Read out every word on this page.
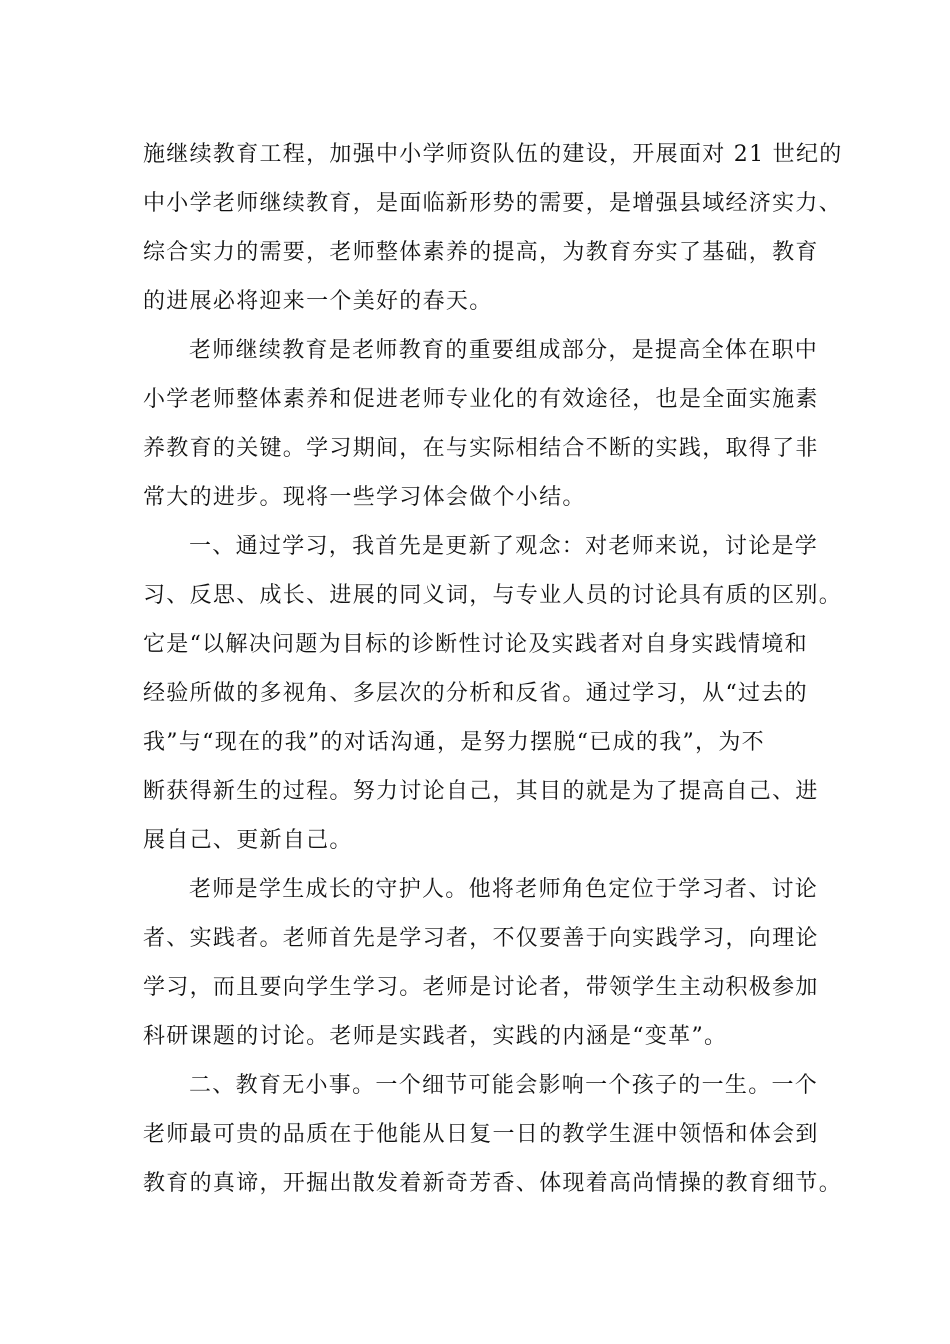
施继续教育工程，加强中小学师资队伍的建设，开展面对 21 世纪的
中小学老师继续教育，是面临新形势的需要，是增强县域经济实力、
综合实力的需要，老师整体素养的提高，为教育夯实了基础，教育
的进展必将迎来一个美好的春天。
老师继续教育是老师教育的重要组成部分，是提高全体在职中
小学老师整体素养和促进老师专业化的有效途径，也是全面实施素
养教育的关键。学习期间，在与实际相结合不断的实践，取得了非
常大的进步。现将一些学习体会做个小结。
一、通过学习，我首先是更新了观念：对老师来说，讨论是学
习、反思、成长、进展的同义词，与专业人员的讨论具有质的区别。
它是“以解决问题为目标的诊断性讨论及实践者对自身实践情境和
经验所做的多视角、多层次的分析和反省。通过学习，从“过去的
我”与“现在的我”的对话沟通，是努力摆脱“已成的我”，为不
断获得新生的过程。努力讨论自己，其目的就是为了提高自己、进
展自己、更新自己。
老师是学生成长的守护人。他将老师角色定位于学习者、讨论
者、实践者。老师首先是学习者，不仅要善于向实践学习，向理论
学习，而且要向学生学习。老师是讨论者，带领学生主动积极参加
科研课题的讨论。老师是实践者，实践的内涵是“变革”。
二、教育无小事。一个细节可能会影响一个孩子的一生。一个
老师最可贵的品质在于他能从日复一日的教学生涯中领悟和体会到
教育的真谛，开掘出散发着新奇芳香、体现着高尚情操的教育细节。
